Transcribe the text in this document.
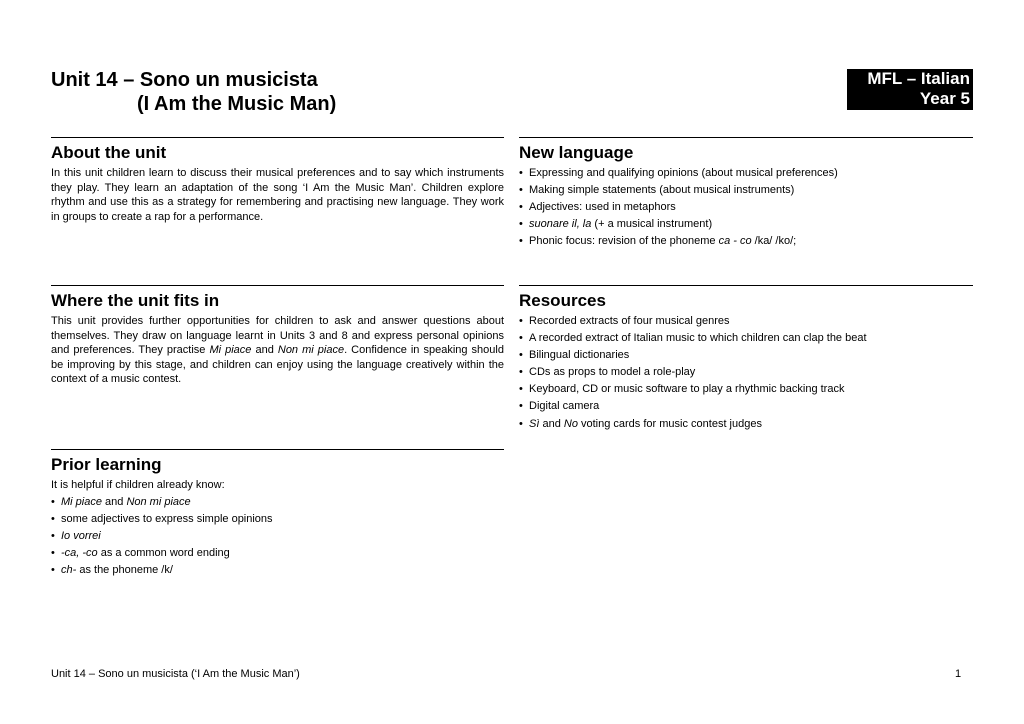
Unit 14 – Sono un musicista
(I Am the Music Man)
MFL – Italian
Year 5
About the unit

In this unit children learn to discuss their musical preferences and to say which instruments they play. They learn an adaptation of the song ‘I Am the Music Man’. Children explore rhythm and use this as a strategy for remembering and practising new language. They work in groups to create a rap for a performance.

New language
• Expressing and qualifying opinions (about musical preferences)
• Making simple statements (about musical instruments)
• Adjectives: used in metaphors
• suonare il, la (+ a musical instrument)
• Phonic focus: revision of the phoneme ca - co /ka/ /ko/;
Where the unit fits in

This unit provides further opportunities for children to ask and answer questions about themselves. They draw on language learnt in Units 3 and 8 and express personal opinions and preferences. They practise Mi piace and Non mi piace. Confidence in speaking should be improving by this stage, and children can enjoy using the language creatively within the context of a music contest.

Resources
• Recorded extracts of four musical genres
• A recorded extract of Italian music to which children can clap the beat
• Bilingual dictionaries
• CDs as props to model a role-play
• Keyboard, CD or music software to play a rhythmic backing track
• Digital camera
• Sì and No voting cards for music contest judges
Prior learning
It is helpful if children already know:
• Mi piace and Non mi piace
• some adjectives to express simple opinions
• Io vorrei
• -ca, -co as a common word ending
• ch- as the phoneme /k/
Unit 14 – Sono un musicista (‘I Am the Music Man’)	1
